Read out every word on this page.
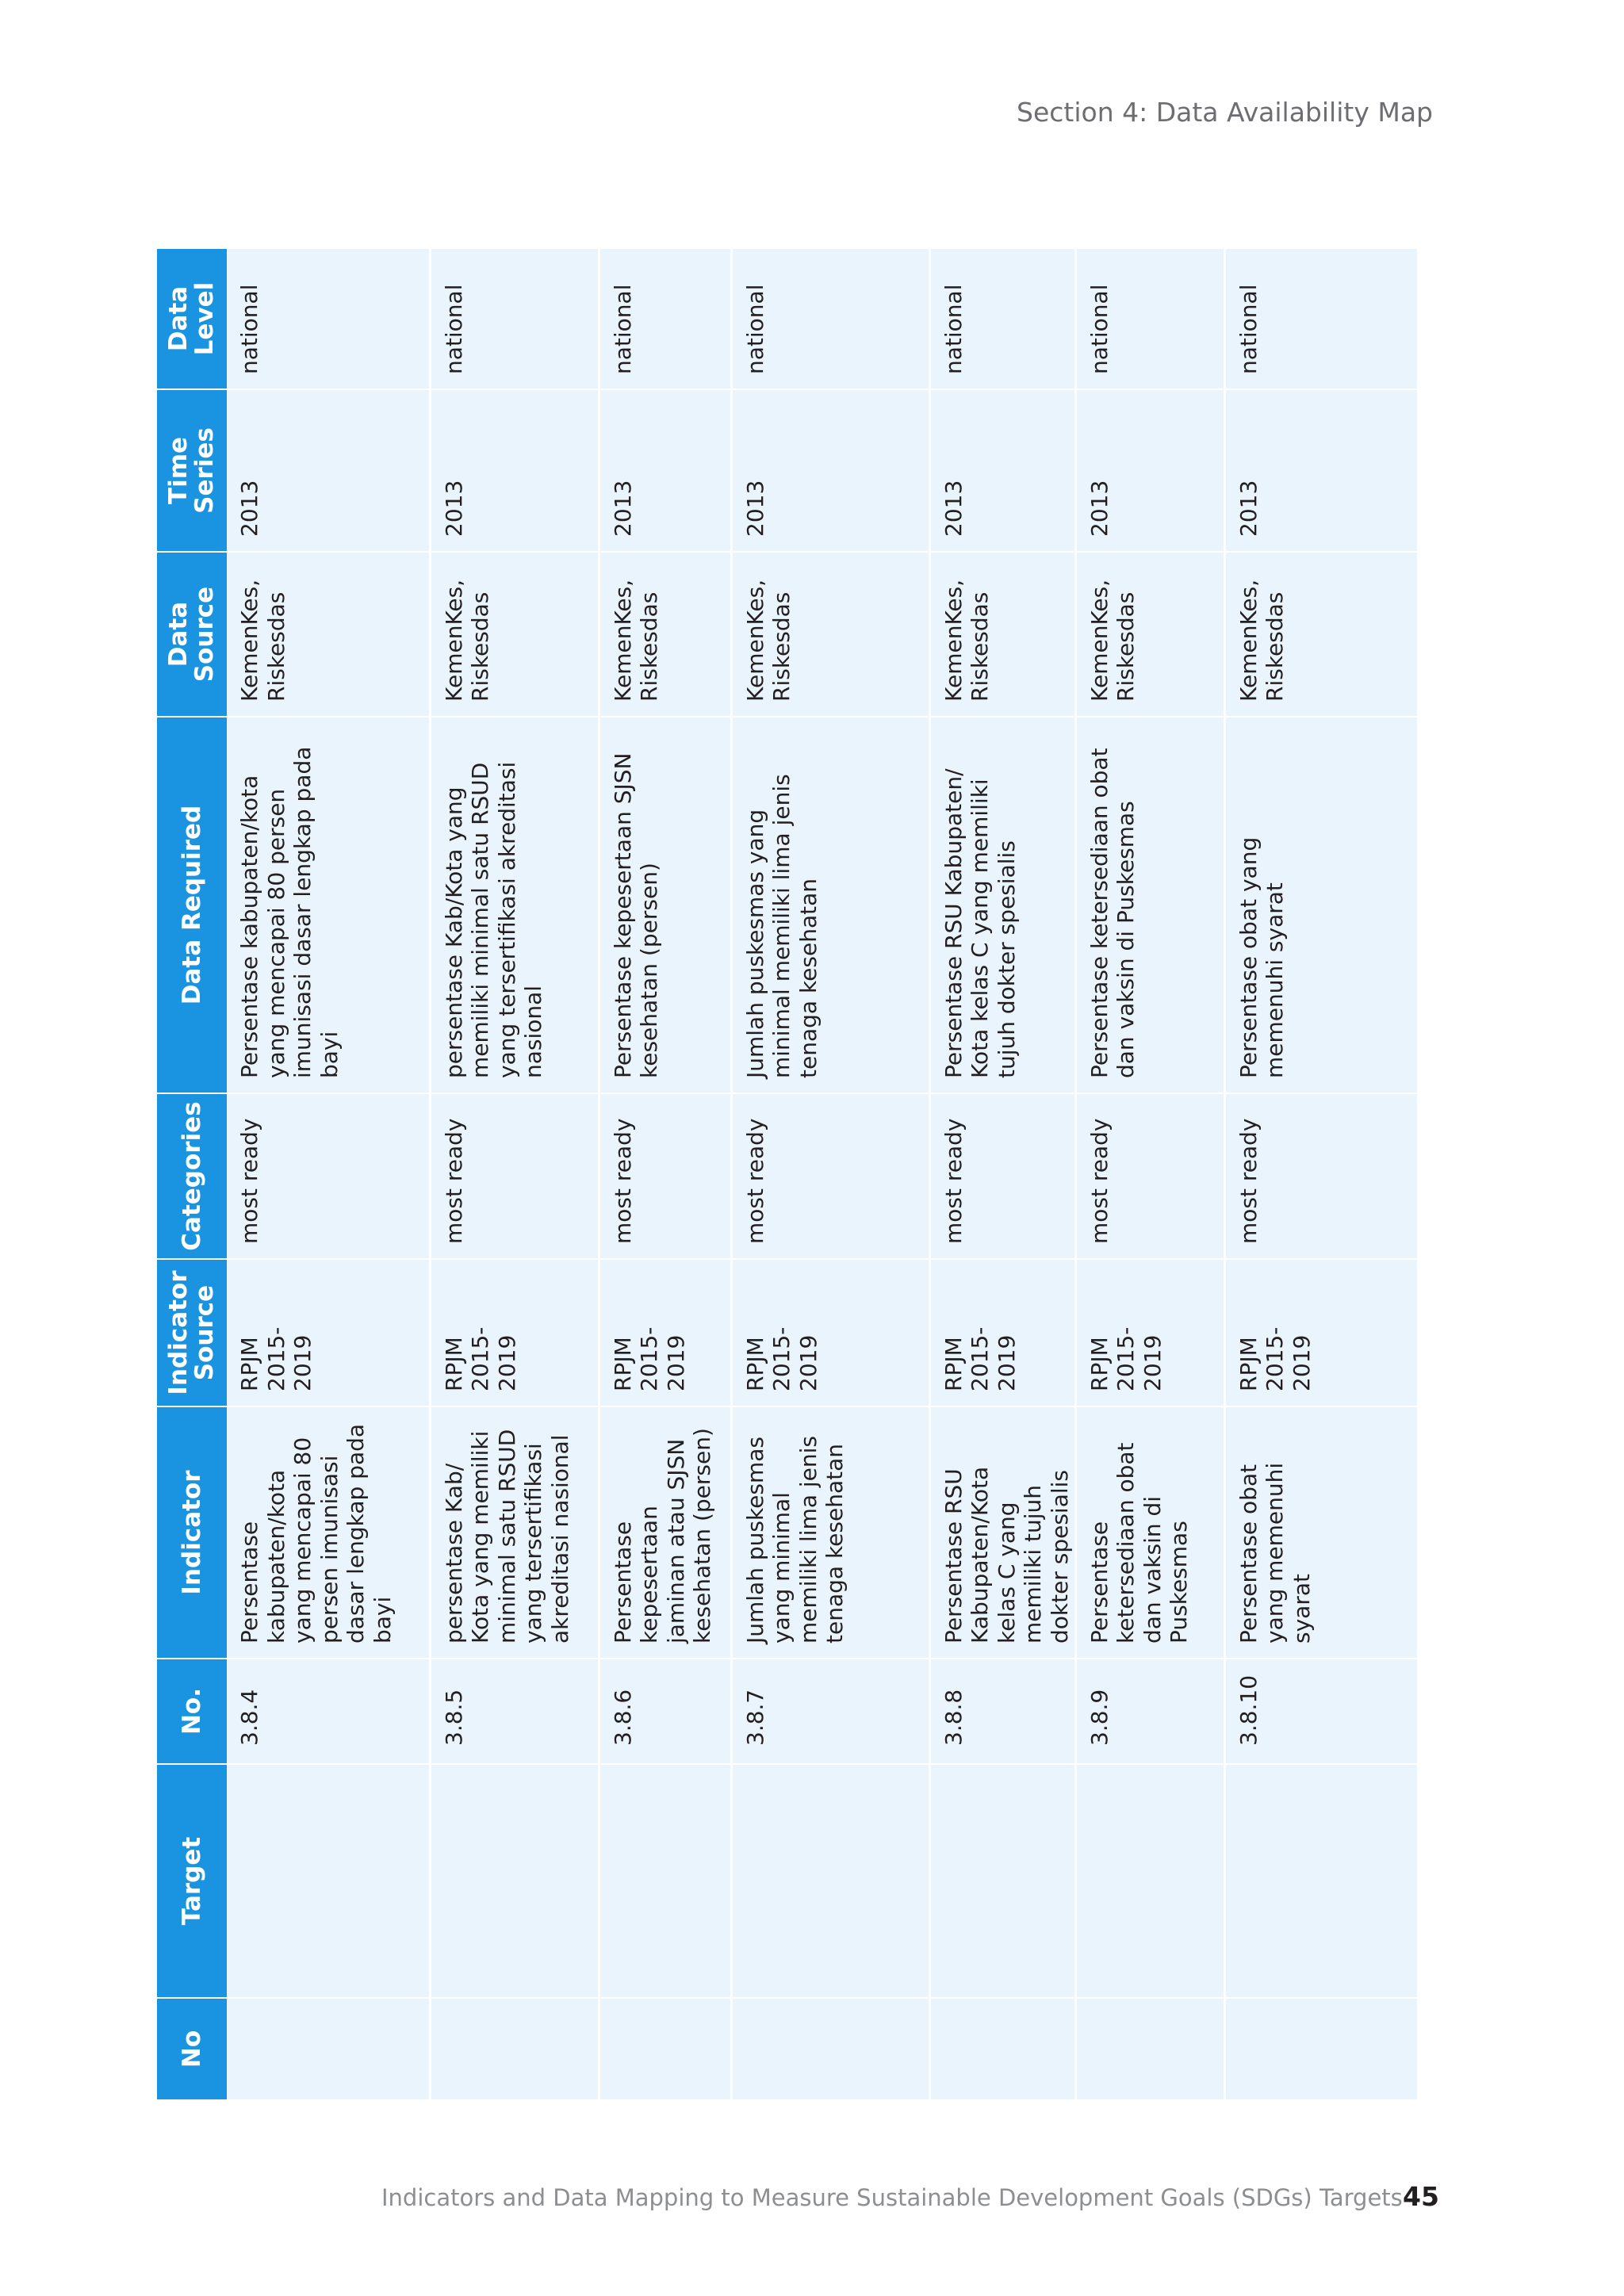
Section 4: Data Availability Map
No	Target	No.	Indicator	Indicator Source	Categories	Data Required	Data Source	Time Series	Data Level
		3.8.4	Persentase kabupaten/kota yang mencapai 80 persen imunisasi dasar lengkap pada bayi	RPJM 2015-2019	most ready	Persentase kabupaten/kota yang mencapai 80 persen imunisasi dasar lengkap pada bayi	KemenKes, Riskesdas	2013	national
		3.8.5	persentase Kab/ Kota yang memiliki minimal satu RSUD yang tersertifikasi akreditasi nasional	RPJM 2015-2019	most ready	persentase Kab/Kota yang memiliki minimal satu RSUD yang tersertifikasi akreditasi nasional	KemenKes, Riskesdas	2013	national
		3.8.6	Persentase kepesertaan jaminan atau SJSN kesehatan (persen)	RPJM 2015-2019	most ready	Persentase kepesertaan SJSN kesehatan (persen)	KemenKes, Riskesdas	2013	national
		3.8.7	Jumlah puskesmas yang minimal memiliki lima jenis tenaga kesehatan	RPJM 2015-2019	most ready	Jumlah puskesmas yang minimal memiliki lima jenis tenaga kesehatan	KemenKes, Riskesdas	2013	national
		3.8.8	Persentase RSU Kabupaten/Kota kelas C yang memiliki tujuh dokter spesialis	RPJM 2015-2019	most ready	Persentase RSU Kabupaten/ Kota kelas C yang memiliki tujuh dokter spesialis	KemenKes, Riskesdas	2013	national
		3.8.9	Persentase ketersediaan obat dan vaksin di Puskesmas	RPJM 2015-2019	most ready	Persentase ketersediaan obat dan vaksin di Puskesmas	KemenKes, Riskesdas	2013	national
		3.8.10	Persentase obat yang memenuhi syarat	RPJM 2015-2019	most ready	Persentase obat yang memenuhi syarat	KemenKes, Riskesdas	2013	national
Indicators and Data Mapping to Measure Sustainable Development Goals (SDGs) Targets 45
